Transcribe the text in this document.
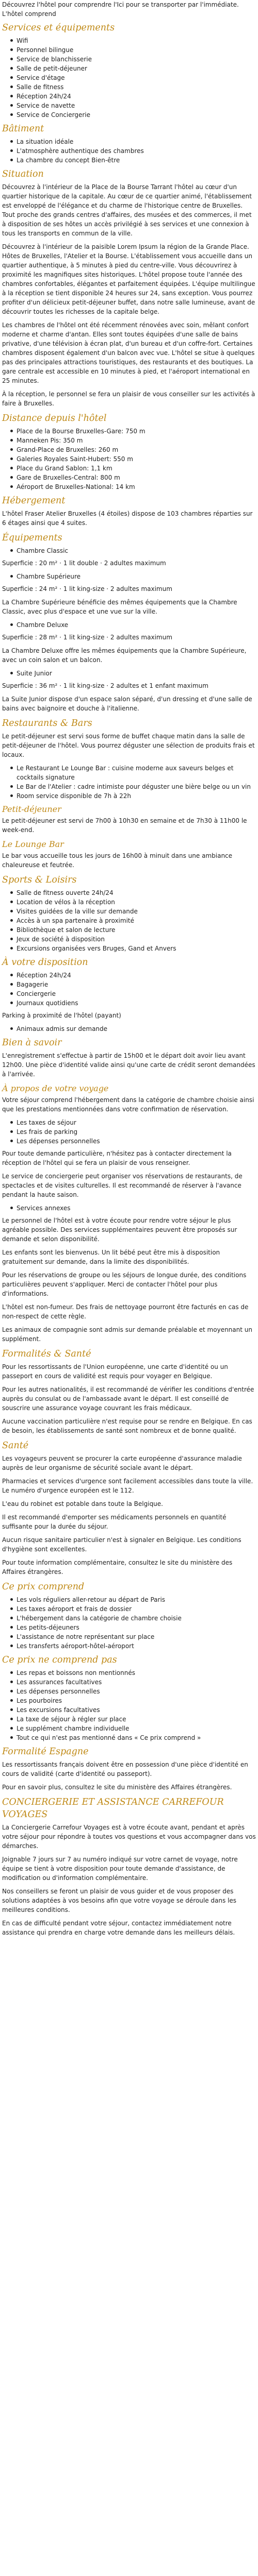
Découvrez l'hôtel pour comprendre l'Ici pour se transporter par l'immédiate. L'hôtel comprend

Services et équipements
Wifi
Personnel bilingue
Service de blanchisserie
Salle de petit-déjeuner
Service d'étage
Salle de fitness
Réception 24h/24
Service de navette
Service de Conciergerie
Bâtiment
La situation idéale
L'atmosphère authentique des chambres
La chambre du concept Bien-être
Situation

Découvrez à l'intérieur de la Place de la Bourse Tarrant l'hôtel au cœur d'un quartier historique de la capitale. Au cœur de ce quartier animé, l'établissement est enveloppé de l'élégance et du charme de l'historique centre de Bruxelles. Tout proche des grands centres d'affaires, des musées et des commerces, il met à disposition de ses hôtes un accès privilégié à ses services et une connexion à tous les transports en commun de la ville.

Découvrez à l'intérieur de la paisible Lorem Ipsum la région de la Grande Place. Hôtes de Bruxelles, l'Atelier et la Bourse. L'établissement vous accueille dans un quartier authentique, à 5 minutes à pied du centre-ville. Vous découvrirez à proximité les magnifiques sites historiques. L'hôtel propose toute l'année des chambres confortables, élégantes et parfaitement équipées. L'équipe multilingue à la réception se tient disponible 24 heures sur 24, sans exception. Vous pourrez profiter d'un délicieux petit-déjeuner buffet, dans notre salle lumineuse, avant de découvrir toutes les richesses de la capitale belge.

Les chambres de l'hôtel ont été récemment rénovées avec soin, mêlant confort moderne et charme d'antan. Elles sont toutes équipées d'une salle de bains privative, d'une télévision à écran plat, d'un bureau et d'un coffre-fort. Certaines chambres disposent également d'un balcon avec vue. L'hôtel se situe à quelques pas des principales attractions touristiques, des restaurants et des boutiques. La gare centrale est accessible en 10 minutes à pied, et l'aéroport international en 25 minutes.

À la réception, le personnel se fera un plaisir de vous conseiller sur les activités à faire à Bruxelles.

Distance depuis l'hôtel
Place de la Bourse Bruxelles-Gare: 750 m
Manneken Pis: 350 m
Grand-Place de Bruxelles: 260 m
Galeries Royales Saint-Hubert: 550 m
Place du Grand Sablon: 1,1 km
Gare de Bruxelles-Central: 800 m
Aéroport de Bruxelles-National: 14 km
Hébergement

L'hôtel Fraser Atelier Bruxelles (4 étoiles) dispose de 103 chambres réparties sur 6 étages ainsi que 4 suites.

Équipements
Chambre Classic

Superficie : 20 m² · 1 lit double · 2 adultes maximum

Chambre Supérieure

Superficie : 24 m² · 1 lit king-size · 2 adultes maximum

La Chambre Supérieure bénéficie des mêmes équipements que la Chambre Classic, avec plus d'espace et une vue sur la ville.

Chambre Deluxe

Superficie : 28 m² · 1 lit king-size · 2 adultes maximum

La Chambre Deluxe offre les mêmes équipements que la Chambre Supérieure, avec un coin salon et un balcon.

Suite Junior

Superficie : 36 m² · 1 lit king-size · 2 adultes et 1 enfant maximum

La Suite Junior dispose d'un espace salon séparé, d'un dressing et d'une salle de bains avec baignoire et douche à l'italienne.

Restaurants & Bars

Le petit-déjeuner est servi sous forme de buffet chaque matin dans la salle de petit-déjeuner de l'hôtel. Vous pourrez déguster une sélection de produits frais et locaux.

Le Restaurant Le Lounge Bar : cuisine moderne aux saveurs belges et cocktails signature
Le Bar de l'Atelier : cadre intimiste pour déguster une bière belge ou un vin
Room service disponible de 7h à 22h
Petit-déjeuner

Le petit-déjeuner est servi de 7h00 à 10h30 en semaine et de 7h30 à 11h00 le week-end.

Le Lounge Bar

Le bar vous accueille tous les jours de 16h00 à minuit dans une ambiance chaleureuse et feutrée.

Sports & Loisirs
Salle de fitness ouverte 24h/24
Location de vélos à la réception
Visites guidées de la ville sur demande
Accès à un spa partenaire à proximité
Bibliothèque et salon de lecture
Jeux de société à disposition
Excursions organisées vers Bruges, Gand et Anvers
À votre disposition
Réception 24h/24
Bagagerie
Conciergerie
Journaux quotidiens

Parking à proximité de l'hôtel (payant)

Animaux admis sur demande
Bien à savoir

L'enregistrement s'effectue à partir de 15h00 et le départ doit avoir lieu avant 12h00. Une pièce d'identité valide ainsi qu'une carte de crédit seront demandées à l'arrivée.

À propos de votre voyage

Votre séjour comprend l'hébergement dans la catégorie de chambre choisie ainsi que les prestations mentionnées dans votre confirmation de réservation.

Les taxes de séjour
Les frais de parking
Les dépenses personnelles

Pour toute demande particulière, n'hésitez pas à contacter directement la réception de l'hôtel qui se fera un plaisir de vous renseigner.

Le service de conciergerie peut organiser vos réservations de restaurants, de spectacles et de visites culturelles. Il est recommandé de réserver à l'avance pendant la haute saison.

Services annexes

Le personnel de l'hôtel est à votre écoute pour rendre votre séjour le plus agréable possible. Des services supplémentaires peuvent être proposés sur demande et selon disponibilité.

Les enfants sont les bienvenus. Un lit bébé peut être mis à disposition gratuitement sur demande, dans la limite des disponibilités.

Pour les réservations de groupe ou les séjours de longue durée, des conditions particulières peuvent s'appliquer. Merci de contacter l'hôtel pour plus d'informations.

L'hôtel est non-fumeur. Des frais de nettoyage pourront être facturés en cas de non-respect de cette règle.

Les animaux de compagnie sont admis sur demande préalable et moyennant un supplément.

Formalités & Santé

Pour les ressortissants de l'Union européenne, une carte d'identité ou un passeport en cours de validité est requis pour voyager en Belgique.

Pour les autres nationalités, il est recommandé de vérifier les conditions d'entrée auprès du consulat ou de l'ambassade avant le départ. Il est conseillé de souscrire une assurance voyage couvrant les frais médicaux.

Aucune vaccination particulière n'est requise pour se rendre en Belgique. En cas de besoin, les établissements de santé sont nombreux et de bonne qualité.

Santé

Les voyageurs peuvent se procurer la carte européenne d'assurance maladie auprès de leur organisme de sécurité sociale avant le départ.

Pharmacies et services d'urgence sont facilement accessibles dans toute la ville. Le numéro d'urgence européen est le 112.

L'eau du robinet est potable dans toute la Belgique.

Il est recommandé d'emporter ses médicaments personnels en quantité suffisante pour la durée du séjour.

Aucun risque sanitaire particulier n'est à signaler en Belgique. Les conditions d'hygiène sont excellentes.

Pour toute information complémentaire, consultez le site du ministère des Affaires étrangères.

Ce prix comprend
Les vols réguliers aller-retour au départ de Paris
Les taxes aéroport et frais de dossier
L'hébergement dans la catégorie de chambre choisie
Les petits-déjeuners
L'assistance de notre représentant sur place
Les transferts aéroport-hôtel-aéroport
Ce prix ne comprend pas
Les repas et boissons non mentionnés
Les assurances facultatives
Les dépenses personnelles
Les pourboires
Les excursions facultatives
La taxe de séjour à régler sur place
Le supplément chambre individuelle
Tout ce qui n'est pas mentionné dans « Ce prix comprend »
Formalité Espagne

Les ressortissants français doivent être en possession d'une pièce d'identité en cours de validité (carte d'identité ou passeport).

Pour en savoir plus, consultez le site du ministère des Affaires étrangères.

CONCIERGERIE ET ASSISTANCE CARREFOUR VOYAGES

La Conciergerie Carrefour Voyages est à votre écoute avant, pendant et après votre séjour pour répondre à toutes vos questions et vous accompagner dans vos démarches.

Joignable 7 jours sur 7 au numéro indiqué sur votre carnet de voyage, notre équipe se tient à votre disposition pour toute demande d'assistance, de modification ou d'information complémentaire.

Nos conseillers se feront un plaisir de vous guider et de vous proposer des solutions adaptées à vos besoins afin que votre voyage se déroule dans les meilleures conditions.

En cas de difficulté pendant votre séjour, contactez immédiatement notre assistance qui prendra en charge votre demande dans les meilleurs délais.
